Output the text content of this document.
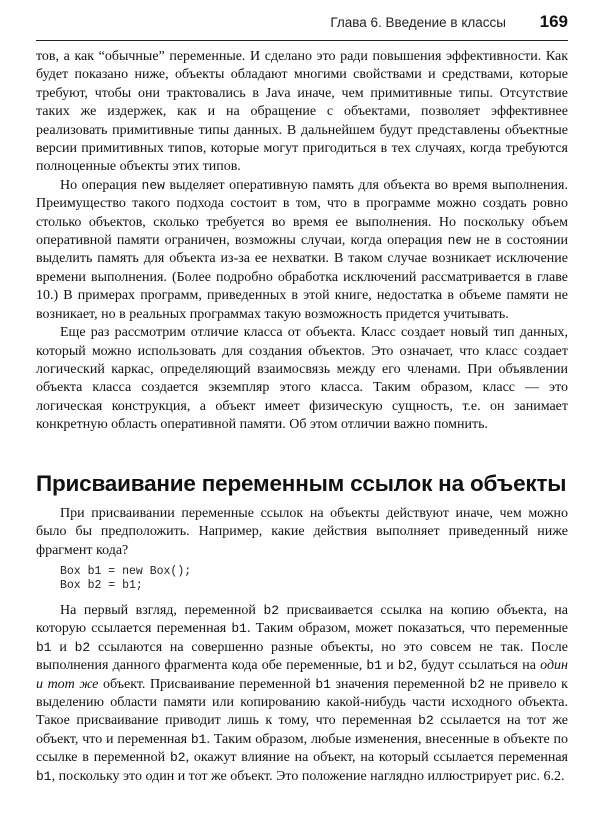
Глава 6. Введение в классы 169

тов, а как “обычные” переменные. И сделано это ради повышения эффективности. Как будет показано ниже, объекты обладают многими свойствами и средствами, которые требуют, чтобы они трактовались в Java иначе, чем примитивные типы. Отсутствие таких же издержек, как и на обращение с объектами, позволяет эффективнее реализовать примитивные типы данных. В дальнейшем будут представлены объектные версии примитивных типов, которые могут пригодиться в тех случаях, когда требуются полноценные объекты этих типов.

Но операция new выделяет оперативную память для объекта во время выполнения. Преимущество такого подхода состоит в том, что в программе можно создать ровно столько объектов, сколько требуется во время ее выполнения. Но поскольку объем оперативной памяти ограничен, возможны случаи, когда операция new не в состоянии выделить память для объекта из-за ее нехватки. В таком случае возникает исключение времени выполнения. (Более подробно обработка исключений рассматривается в главе 10.) В примерах программ, приведенных в этой книге, недостатка в объеме памяти не возникает, но в реальных программах такую возможность придется учитывать.

Еще раз рассмотрим отличие класса от объекта. Класс создает новый тип данных, который можно использовать для создания объектов. Это означает, что класс создает логический каркас, определяющий взаимосвязь между его членами. При объявлении объекта класса создается экземпляр этого класса. Таким образом, класс — это логическая конструкция, а объект имеет физическую сущность, т.е. он занимает конкретную область оперативной памяти. Об этом отличии важно помнить.

Присваивание переменным ссылок на объекты

При присваивании переменные ссылок на объекты действуют иначе, чем можно было бы предположить. Например, какие действия выполняет приведенный ниже фрагмент кода?

Box b1 = new Box();
Box b2 = b1;

На первый взгляд, переменной b2 присваивается ссылка на копию объекта, на которую ссылается переменная b1. Таким образом, может показаться, что переменные b1 и b2 ссылаются на совершенно разные объекты, но это совсем не так. После выполнения данного фрагмента кода обе переменные, b1 и b2, будут ссылаться на один и тот же объект. Присваивание переменной b1 значения переменной b2 не привело к выделению области памяти или копированию какой-нибудь части исходного объекта. Такое присваивание приводит лишь к тому, что переменная b2 ссылается на тот же объект, что и переменная b1. Таким образом, любые изменения, внесенные в объекте по ссылке в переменной b2, окажут влияние на объект, на который ссылается переменная b1, поскольку это один и тот же объект. Это положение наглядно иллюстрирует рис. 6.2.
